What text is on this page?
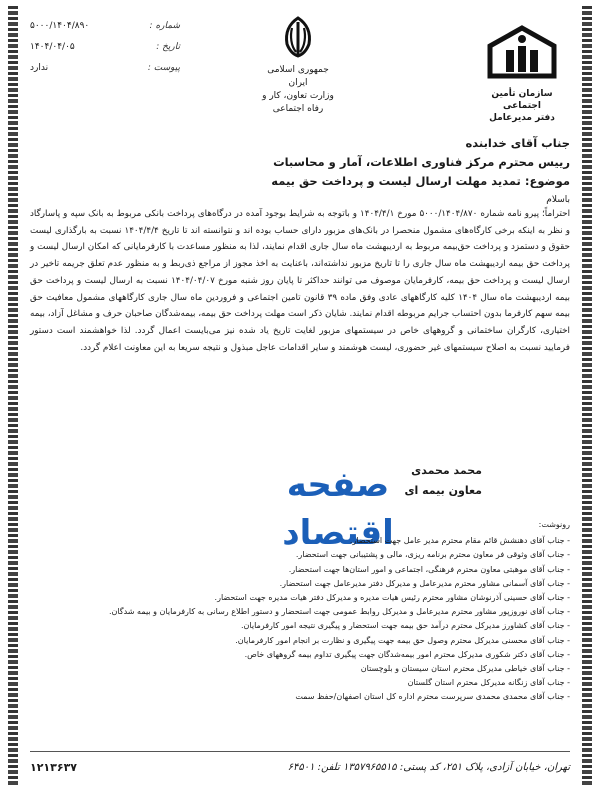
شماره :
۵۰۰۰/۱۴۰۴/۸۹۰
تاریخ :
۱۴۰۴/۰۴/۰۵
پیوست :
ندارد	جمهوری اسلامی ایران
وزارت تعاون، کار و رفاه اجتماعی
سازمان تأمین اجتماعی
دفتر مدیرعامل
جناب آقای خدابنده
رییس محترم مرکز فناوری اطلاعات، آمار و محاسبات
موضوع: تمدید مهلت ارسال لیست و پرداخت حق بیمه
باسلام
احتراماً؛ پیرو نامه شماره ۵۰۰۰/۱۴۰۴/۸۷۰ مورخ ۱۴۰۴/۴/۱ و باتوجه به شرایط بوجود آمده در درگاه‌های پرداخت بانکی مربوط به بانک سپه و پاسارگاد و نظر به اینکه برخی کارگاه‌های مشمول منحصرا در بانک‌های مزبور دارای حساب بوده اند و نتوانسته اند تا تاریخ ۱۴۰۴/۴/۴ نسبت به بارگذاری لیست حقوق و دستمزد و پرداخت حق‌بیمه مربوط به اردیبهشت ماه سال جاری اقدام نمایند، لذا به منظور مساعدت با کارفرمایانی که امکان ارسال لیست و پرداخت حق بیمه اردیبهشت ماه سال جاری را تا تاریخ مزبور نداشته‌اند، باعنایت به اخذ مجوز از مراجع ذی‌ربط و به منظور عدم تعلق جریمه تاخیر در ارسال لیست و پرداخت حق بیمه، کارفرمایان موصوف می توانند حداکثر تا پایان روز شنبه مورخ ۱۴۰۴/۰۴/۰۷ نسبت به ارسال لیست و پرداخت حق بیمه اردیبهشت ماه سال ۱۴۰۴ کلیه کارگاههای عادی وفق ماده ۳۹ قانون تامین اجتماعی و فروردین ماه سال جاری کارگاههای مشمول معافیت حق بیمه سهم کارفرما بدون احتساب جرایم مربوطه اقدام نمایند. شایان ذکر است مهلت پرداخت حق بیمه، بیمه‌شدگان صاحبان حرف و مشاغل آزاد، بیمه اختیاری، کارگران ساختمانی و گروههای خاص در سیستمهای مزبور لغایت تاریخ یاد شده نیز می‌بایست اعمال گردد. لذا خواهشمند است دستور فرمایید نسبت به اصلاح سیستمهای غیر حضوری، لیست هوشمند و سایر اقدامات عاجل مبذول و نتیجه سریعا به این معاونت اعلام گردد.
محمد محمدی
معاون بیمه ای
صفحه اقتصاد	رونوشت:
- جناب آقای دهنشش قائم مقام محترم مدیر عامل جهت استحضار.
- جناب آقای وثوقی فر معاون محترم برنامه ریزی، مالی و پشتیبانی جهت استحضار.
- جناب آقای موهبتی معاون محترم فرهنگی، اجتماعی و امور استان‌ها جهت استحضار.
- جناب آقای آسمانی مشاور محترم مدیرعامل و مدیرکل دفتر مدیرعامل جهت استحضار.
- جناب آقای حسینی آذرنوشان مشاور محترم رئیس هیات مدیره و مدیرکل دفتر هیات مدیره جهت استحضار.
- جناب آقای نوروزپور مشاور محترم مدیرعامل و مدیرکل روابط عمومی جهت استحضار و دستور اطلاع رسانی به کارفرمایان و بیمه شدگان.
- جناب آقای کشاورز مدیرکل محترم درآمد حق بیمه جهت استحضار و پیگیری نتیجه امور کارفرمایان.
- جناب آقای محسنی مدیرکل محترم وصول حق بیمه جهت پیگیری و نظارت بر انجام امور کارفرمایان.
- جناب آقای دکتر شکوری مدیرکل محترم امور بیمه‌شدگان جهت پیگیری تداوم بیمه گروههای خاص.
- جناب آقای خیاطی مدیرکل محترم استان سیستان و بلوچستان
- جناب آقای زنگانه مدیرکل محترم استان گلستان
- جناب آقای محمدی محمدی سرپرست محترم اداره کل استان اصفهان/حفظ سمت
تهران، خیابان آزادی، پلاک ۲۵۱، کد پستی: ۱۳۵۷۹۶۵۵۱۵ تلفن: ۶۴۵۰۱
۱۲۱۳۶۳۷
